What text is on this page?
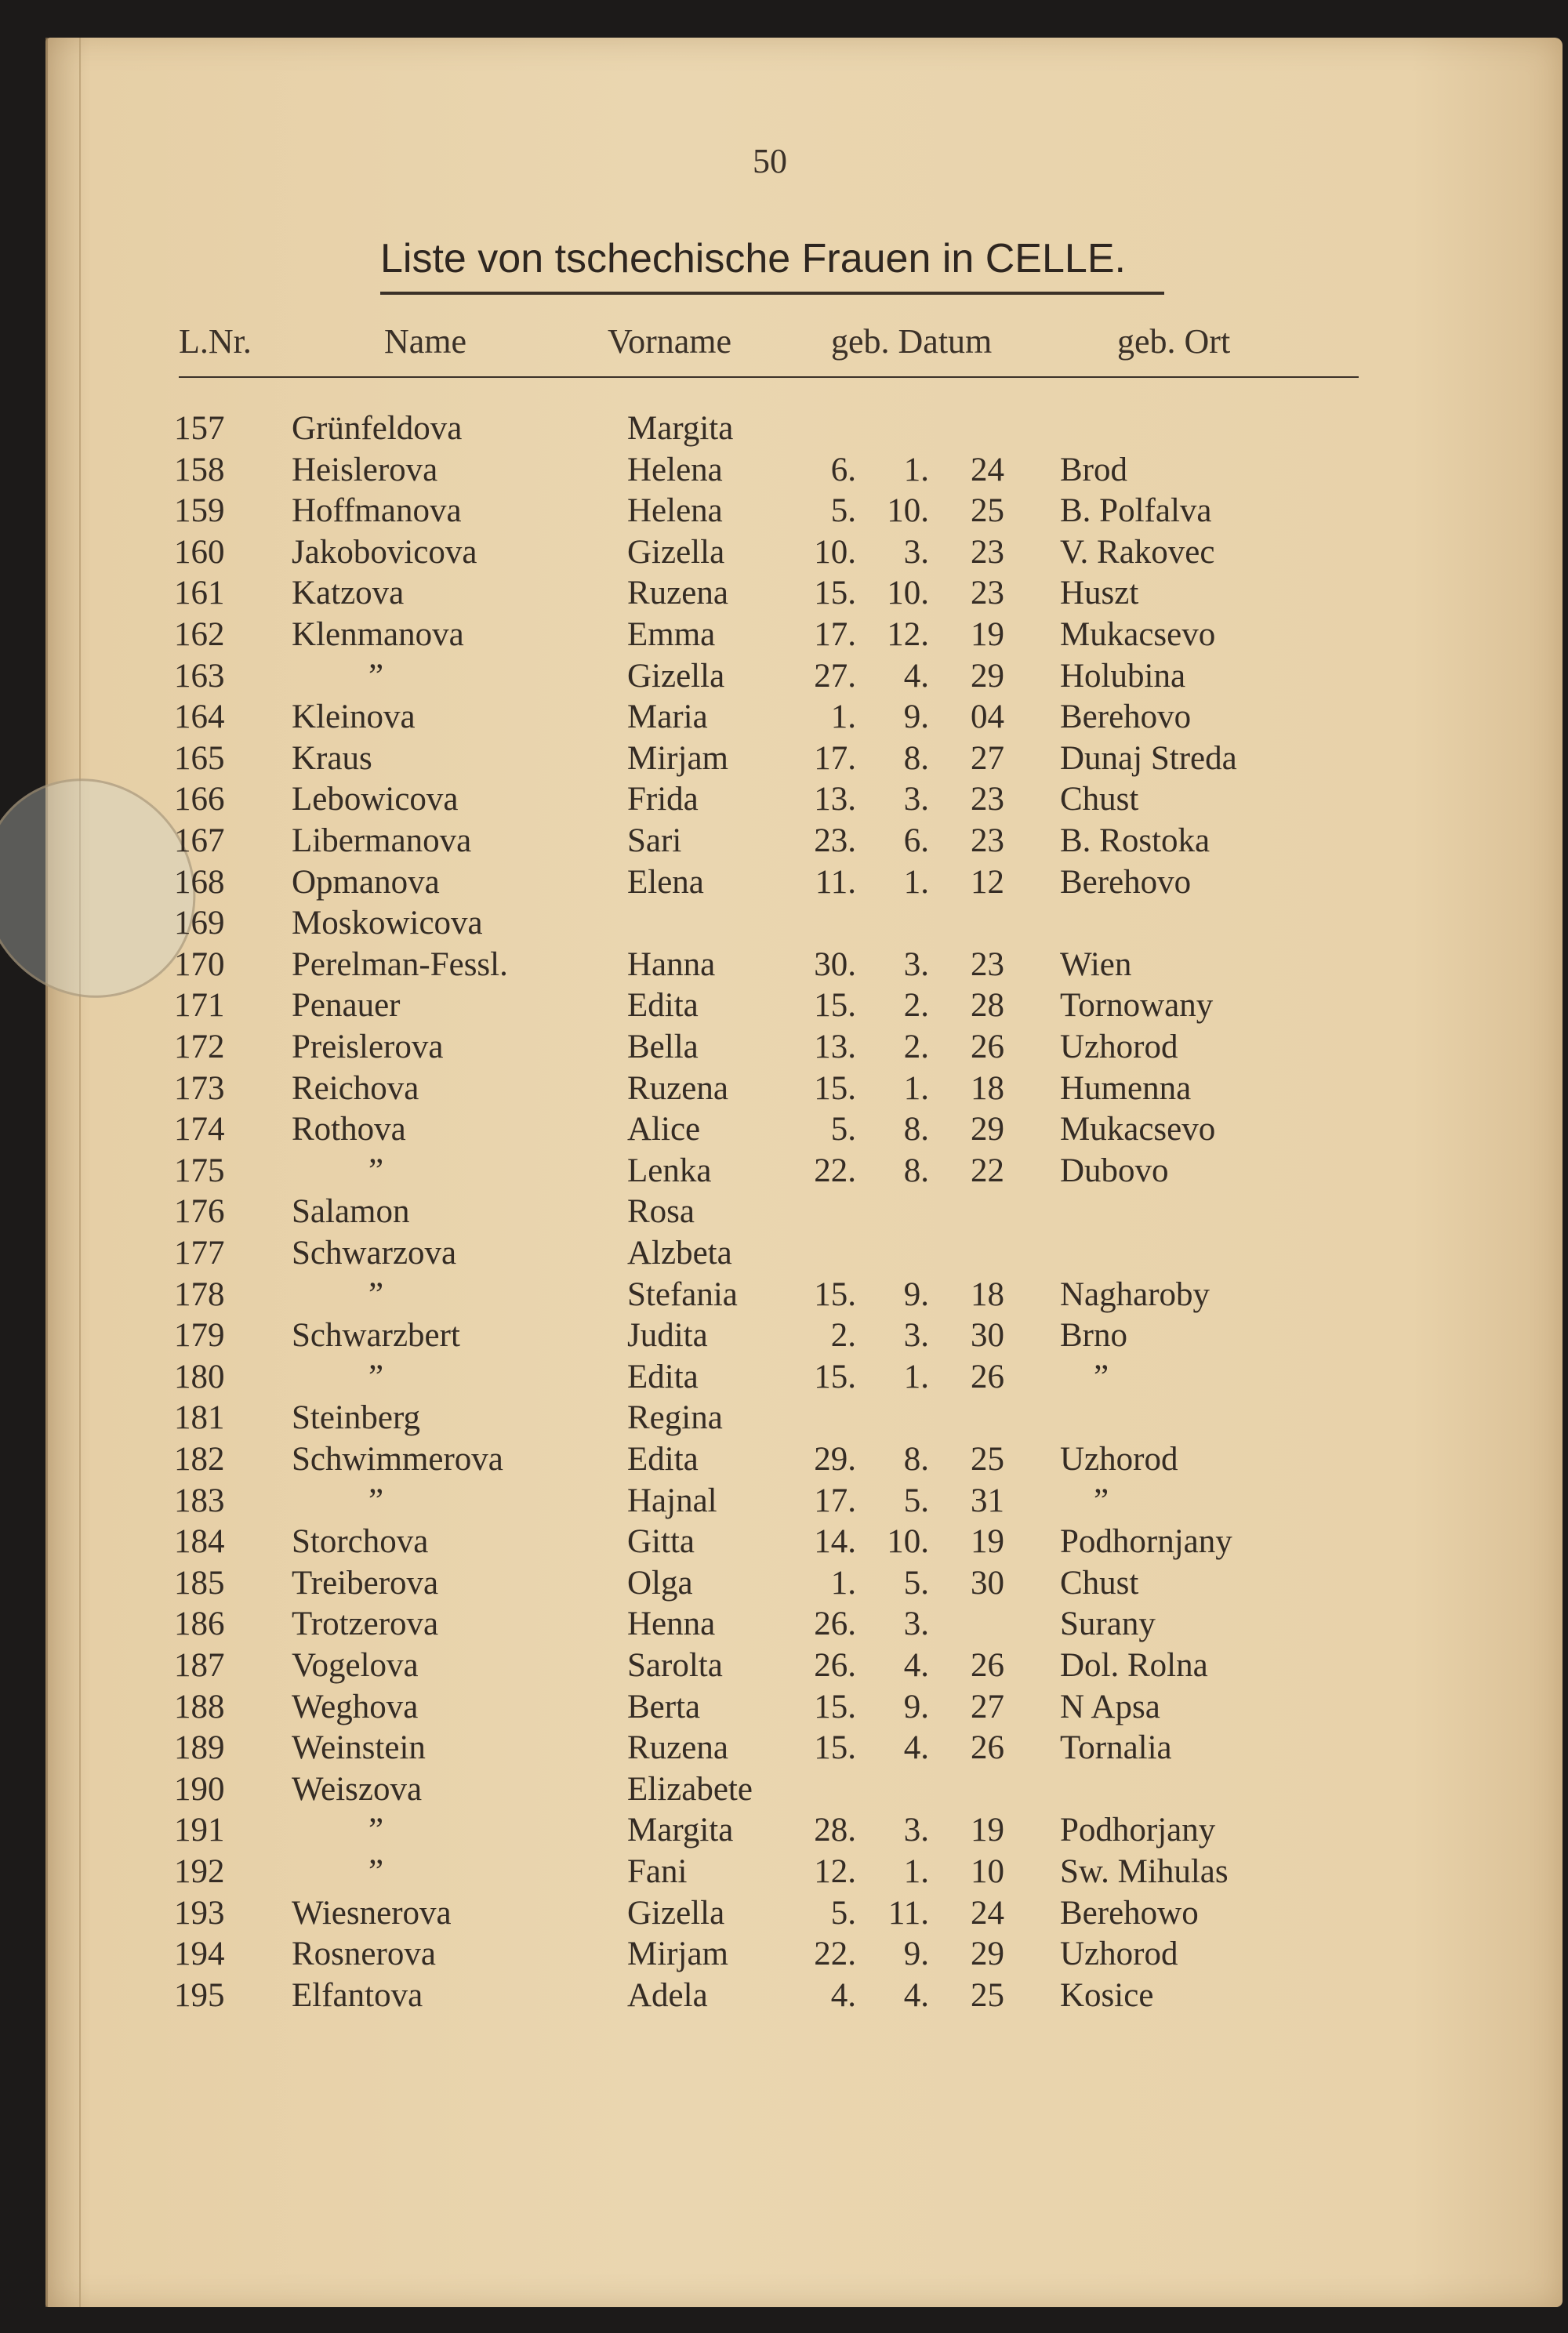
50
Liste von tschechische Frauen in CELLE.
L.Nr.	Name	Vorname	geb. Datum	geb. Ort
157 Grünfeldova	Margita
158 Heislerova	Helena	6.	1. 24 Brod
159 Hoffmanova	Helena	5. 10. 25 B. Polfalva
160 Jakobovicova	Gizella	10.	3. 23 V. Rakovec
161 Katzova	Ruzena	15. 10. 23 Huszt
162 Klenmanova	Emma	17. 12. 19 Mukacsevo
163	”	Gizella	27.	4. 29 Holubina
164 Kleinova	Maria	1.	9. 04 Berehovo
165 Kraus	Mirjam	17.	8. 27 Dunaj Streda
166 Lebowicova	Frida	13.	3. 23 Chust
167 Libermanova	Sari	23.	6. 23 B. Rostoka
168 Opmanova	Elena	11.	1. 12 Berehovo
169 Moskowicova
170 Perelman-Fessl.	Hanna	30.	3. 23 Wien
171 Penauer	Edita	15.	2. 28 Tornowany
172 Preislerova	Bella	13.	2. 26 Uzhorod
173 Reichova	Ruzena	15.	1. 18 Humenna
174 Rothova	Alice	5.	8. 29 Mukacsevo
175	”	Lenka	22.	8. 22 Dubovo
176 Salamon	Rosa
177 Schwarzova	Alzbeta
178	”	Stefania	15.	9. 18 Nagharoby
179 Schwarzbert	Judita	2.	3. 30 Brno
180	”	Edita	15.	1. 26	”
181 Steinberg	Regina
182 Schwimmerova	Edita	29.	8. 25 Uzhorod
183	”	Hajnal	17.	5. 31	”
184 Storchova	Gitta	14. 10. 19 Podhornjany
185 Treiberova	Olga	1.	5. 30 Chust
186 Trotzerova	Henna	26.	3.	Surany
187 Vogelova	Sarolta	26.	4. 26 Dol. Rolna
188 Weghova	Berta	15.	9. 27 N Apsa
189 Weinstein	Ruzena	15.	4. 26 Tornalia
190 Weiszova	Elizabete
191	”	Margita	28.	3. 19 Podhorjany
192	”	Fani	12.	1. 10 Sw. Mihulas
193 Wiesnerova	Gizella	5. 11. 24 Berehowo
194 Rosnerova	Mirjam	22.	9. 29 Uzhorod
195 Elfantova	Adela	4.	4. 25 Kosice
